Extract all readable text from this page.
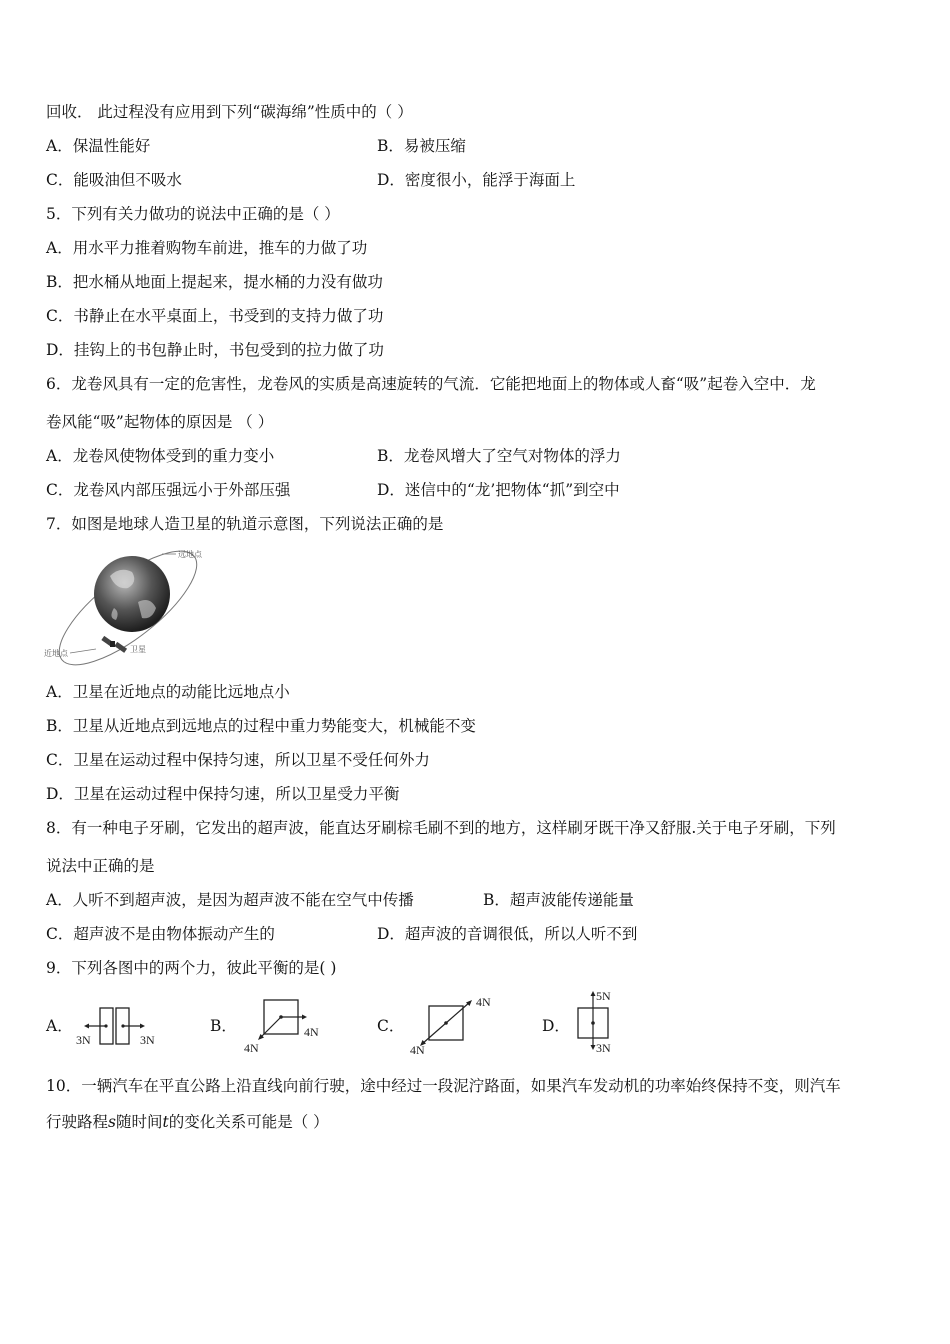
回收． 此过程没有应用到下列“碳海绵”性质中的（ ）
A．保温性能好	B．易被压缩
C．能吸油但不吸水	D．密度很小，能浮于海面上
5．下列有关力做功的说法中正确的是（ ）
A．用水平力推着购物车前进，推车的力做了功
B．把水桶从地面上提起来，提水桶的力没有做功
C．书静止在水平桌面上，书受到的支持力做了功
D．挂钩上的书包静止时，书包受到的拉力做了功
6．龙卷风具有一定的危害性，龙卷风的实质是高速旋转的气流．它能把地面上的物体或人畜“吸”起卷入空中．龙
卷风能“吸”起物体的原因是 （ ）
A．龙卷风使物体受到的重力变小	B．龙卷风增大了空气对物体的浮力
C．龙卷风内部压强远小于外部压强	D．迷信中的“龙’把物体“抓”到空中
7．如图是地球人造卫星的轨道示意图，下列说法正确的是
远地点
近地点	卫星
A．卫星在近地点的动能比远地点小
B．卫星从近地点到远地点的过程中重力势能变大，机械能不变
C．卫星在运动过程中保持匀速，所以卫星不受任何外力
D．卫星在运动过程中保持匀速，所以卫星受力平衡
8．有一种电子牙刷，它发出的超声波，能直达牙刷棕毛刷不到的地方，这样刷牙既干净又舒服.关于电子牙刷，下列
说法中正确的是
A．人听不到超声波，是因为超声波不能在空气中传播	B．超声波能传递能量
C．超声波不是由物体振动产生的	D．超声波的音调很低，所以人听不到
9．下列各图中的两个力，彼此平衡的是( )
A．
3N	3N
B．	4N
4N
C．
4N
4N
D．
5N
3N
10．一辆汽车在平直公路上沿直线向前行驶，途中经过一段泥泞路面，如果汽车发动机的功率始终保持不变，则汽车
行驶路程s随时间t的变化关系可能是（ ）
